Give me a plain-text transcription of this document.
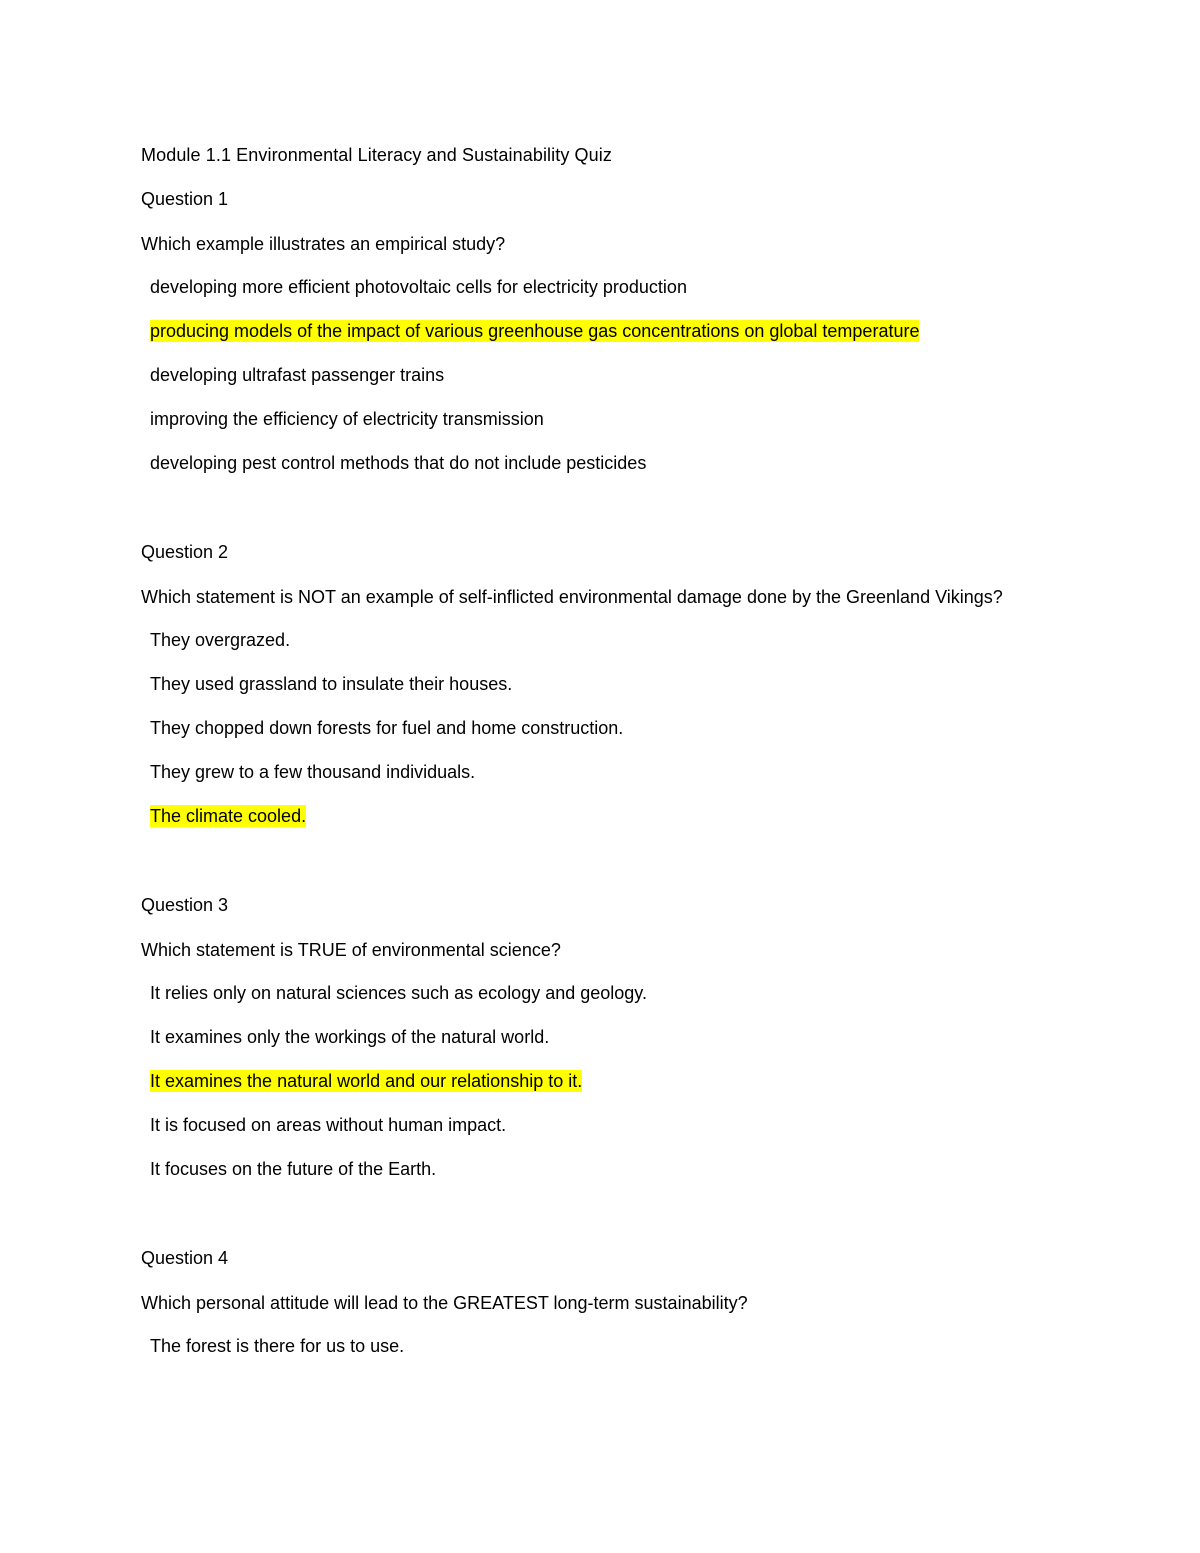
Module 1.1 Environmental Literacy and Sustainability Quiz
Question 1
Which example illustrates an empirical study?
developing more efficient photovoltaic cells for electricity production
producing models of the impact of various greenhouse gas concentrations on global temperature
developing ultrafast passenger trains
improving the efficiency of electricity transmission
developing pest control methods that do not include pesticides
Question 2
Which statement is NOT an example of self-inflicted environmental damage done by the Greenland Vikings?
They overgrazed.
They used grassland to insulate their houses.
They chopped down forests for fuel and home construction.
They grew to a few thousand individuals.
The climate cooled.
Question 3
Which statement is TRUE of environmental science?
It relies only on natural sciences such as ecology and geology.
It examines only the workings of the natural world.
It examines the natural world and our relationship to it.
It is focused on areas without human impact.
It focuses on the future of the Earth.
Question 4
Which personal attitude will lead to the GREATEST long-term sustainability?
The forest is there for us to use.
